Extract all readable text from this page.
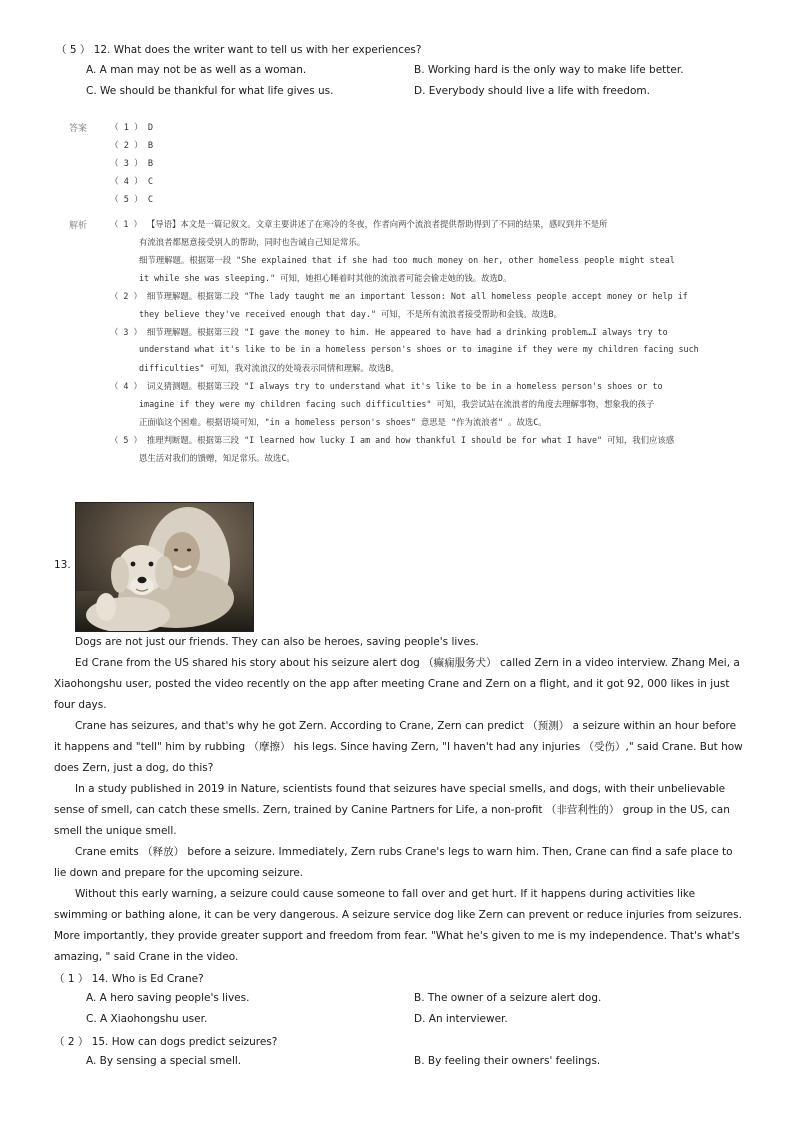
（ 5 ） 12. What does the writer want to tell us with her experiences?
A. A man may not be as well as a woman.	B. Working hard is the only way to make life better.
C. We should be thankful for what life gives us.	D. Everybody should live a life with freedom.
答案	（ 1 ） D
（ 2 ） B
（ 3 ） B
（ 4 ） C
（ 5 ） C
解析	（ 1 ） 【导语】本文是一篇记叙文。文章主要讲述了在寒冷的冬夜，作者向两个流浪者提供帮助得到了不同的结果，感叹到并不是所
有流浪者都愿意接受别人的帮助，同时也告诫自己知足常乐。
细节理解题。根据第一段 "She explained that if she had too much money on her, other homeless people might steal
it while she was sleeping." 可知，她担心睡着时其他的流浪者可能会偷走她的钱。故选D。
（ 2 ） 细节理解题。根据第二段 "The lady taught me an important lesson: Not all homeless people accept money or help if
they believe they've received enough that day." 可知，不是所有流浪者接受帮助和金钱。故选B。
（ 3 ） 细节理解题。根据第三段 "I gave the money to him. He appeared to have had a drinking problem…I always try to
understand what it's like to be in a homeless person's shoes or to imagine if they were my children facing such
difficulties" 可知，我对流浪汉的处境表示同情和理解。故选B。
（ 4 ） 词义猜测题。根据第三段 "I always try to understand what it's like to be in a homeless person's shoes or to
imagine if they were my children facing such difficulties" 可知，我尝试站在流浪者的角度去理解事物，想象我的孩子
正面临这个困难。根据语境可知，"in a homeless person's shoes" 意思是 "作为流浪者" 。故选C。
（ 5 ） 推理判断题。根据第三段 "I learned how lucky I am and how thankful I should be for what I have" 可知，我们应该感
恩生活对我们的馈赠，知足常乐。故选C。
13.

Dogs are not just our friends. They can also be heroes, saving people's lives.

Ed Crane from the US shared his story about his seizure alert dog （癫痫服务犬） called Zern in a video interview. Zhang Mei, a Xiaohongshu user, posted the video recently on the app after meeting Crane and Zern on a flight, and it got 92, 000 likes in just four days.

Crane has seizures, and that's why he got Zern. According to Crane, Zern can predict （预测） a seizure within an hour before it happens and "tell" him by rubbing （摩擦） his legs. Since having Zern, "I haven't had any injuries （受伤）," said Crane. But how does Zern, just a dog, do this?

In a study published in 2019 in Nature, scientists found that seizures have special smells, and dogs, with their unbelievable sense of smell, can catch these smells. Zern, trained by Canine Partners for Life, a non-profit （非营利性的） group in the US, can smell the unique smell.

Crane emits （释放） before a seizure. Immediately, Zern rubs Crane's legs to warn him. Then, Crane can find a safe place to lie down and prepare for the upcoming seizure.

Without this early warning, a seizure could cause someone to fall over and get hurt. If it happens during activities like swimming or bathing alone, it can be very dangerous. A seizure service dog like Zern can prevent or reduce injuries from seizures. More importantly, they provide greater support and freedom from fear. "What he's given to me is my independence. That's what's amazing, " said Crane in the video.

（ 1 ） 14. Who is Ed Crane?
A. A hero saving people's lives.	B. The owner of a seizure alert dog.
C. A Xiaohongshu user.	D. An interviewer.
（ 2 ） 15. How can dogs predict seizures?
A. By sensing a special smell.	B. By feeling their owners' feelings.
